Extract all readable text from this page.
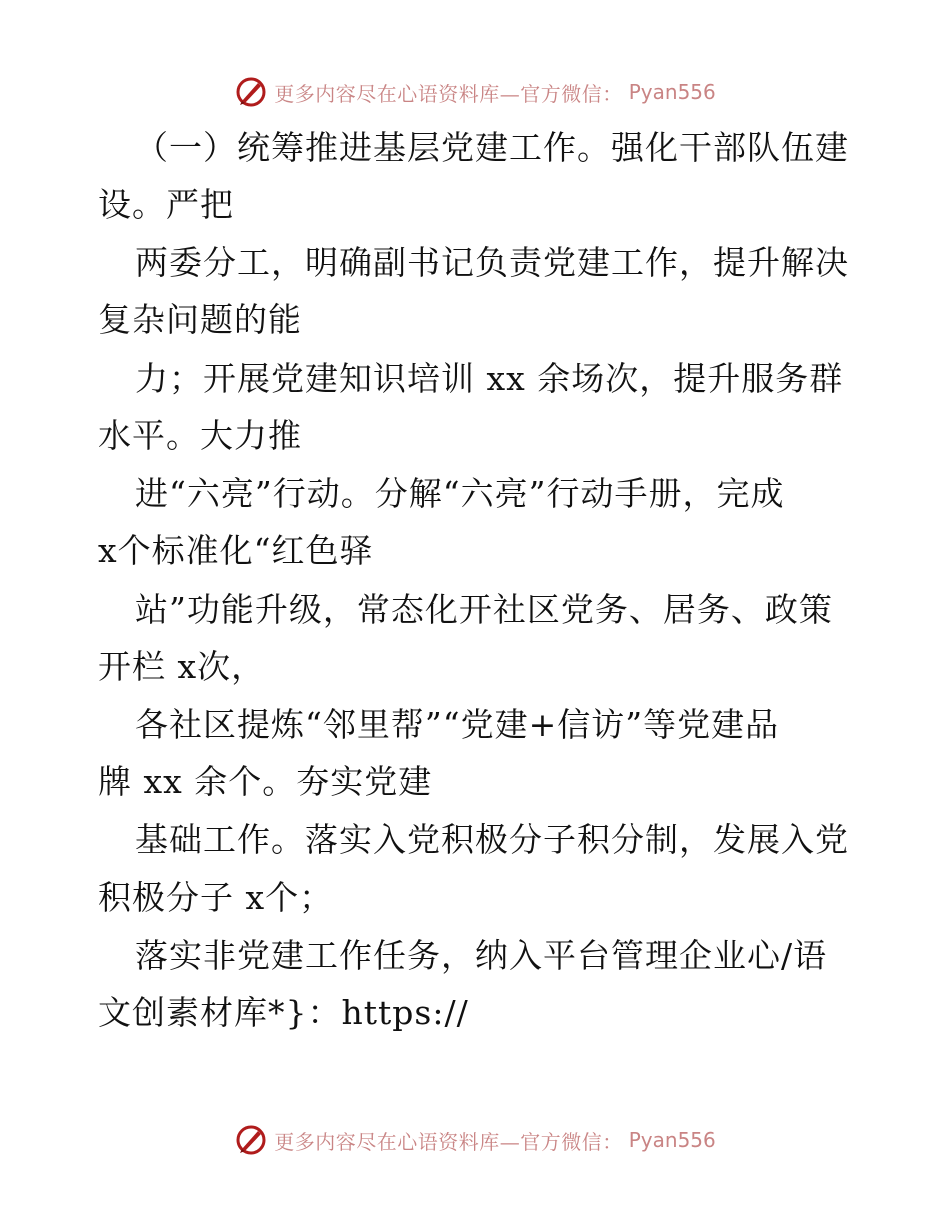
更多内容尽在心语资料库—官方微信： Pyan556
（一）统筹推进基层党建工作。强化干部队伍建
设。严把
两委分工，明确副书记负责党建工作，提升解决
复杂问题的能
力；开展党建知识培训 xx 余场次，提升服务群
水平。大力推
进“六亮”行动。分解“六亮”行动手册，完成
x个标准化“红色驿
站”功能升级，常态化开社区党务、居务、政策
开栏 x次，
各社区提炼“邻里帮”“党建+信访”等党建品
牌 xx 余个。夯实党建
基础工作。落实入党积极分子积分制，发展入党
积极分子 x个；
落实非党建工作任务，纳入平台管理企业心/语
文创素材库*}：https://
更多内容尽在心语资料库—官方微信： Pyan556
